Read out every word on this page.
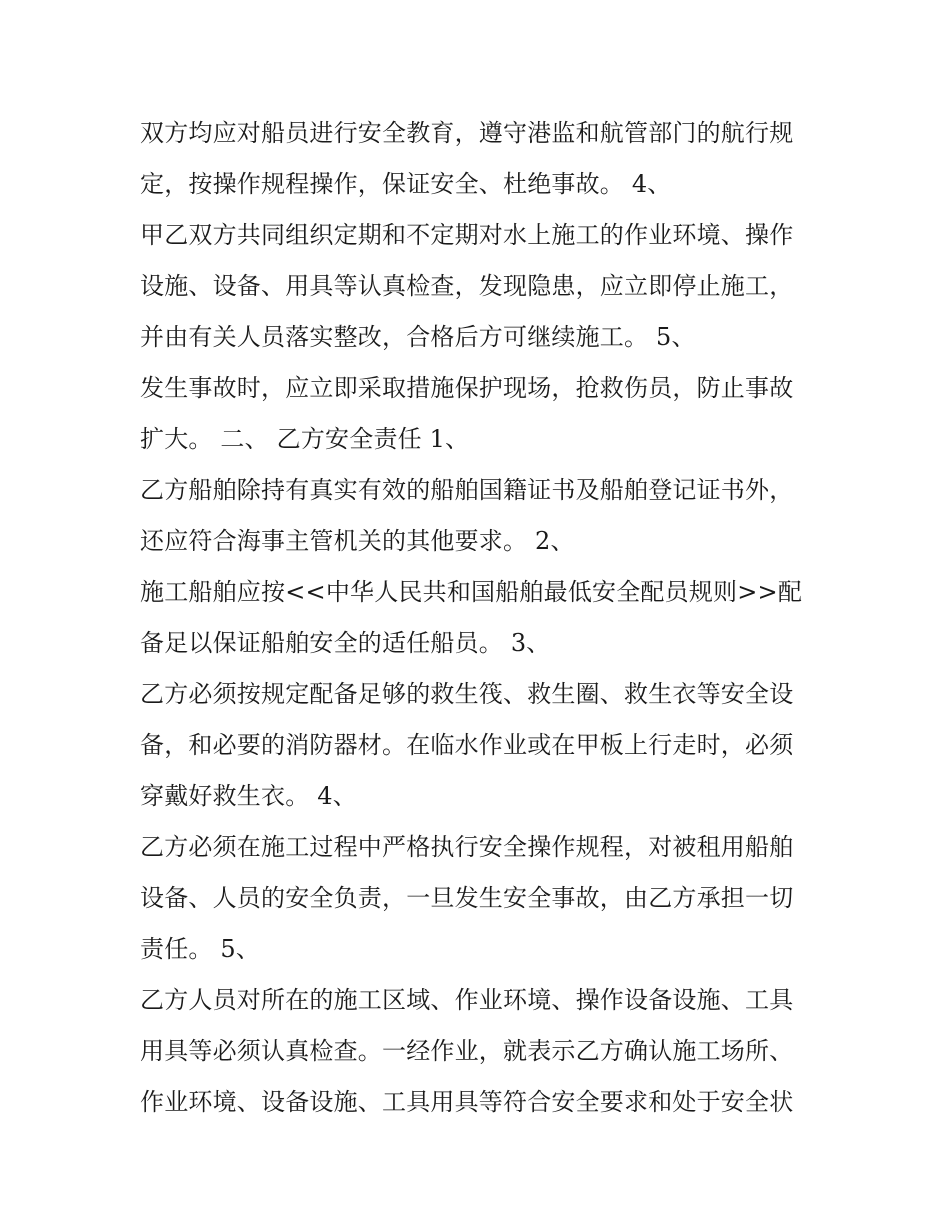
双方均应对船员进行安全教育，遵守港监和航管部门的航行规
定，按操作规程操作，保证安全、杜绝事故。 4、
甲乙双方共同组织定期和不定期对水上施工的作业环境、操作
设施、设备、用具等认真检查，发现隐患，应立即停止施工，
并由有关人员落实整改，合格后方可继续施工。 5、
发生事故时，应立即采取措施保护现场，抢救伤员，防止事故
扩大。 二、 乙方安全责任 1、
乙方船舶除持有真实有效的船舶国籍证书及船舶登记证书外，
还应符合海事主管机关的其他要求。 2、
施工船舶应按<<中华人民共和国船舶最低安全配员规则>>配
备足以保证船舶安全的适任船员。 3、
乙方必须按规定配备足够的救生筏、救生圈、救生衣等安全设
备，和必要的消防器材。在临水作业或在甲板上行走时，必须
穿戴好救生衣。 4、
乙方必须在施工过程中严格执行安全操作规程，对被租用船舶
设备、人员的安全负责，一旦发生安全事故，由乙方承担一切
责任。 5、
乙方人员对所在的施工区域、作业环境、操作设备设施、工具
用具等必须认真检查。一经作业，就表示乙方确认施工场所、
作业环境、设备设施、工具用具等符合安全要求和处于安全状
